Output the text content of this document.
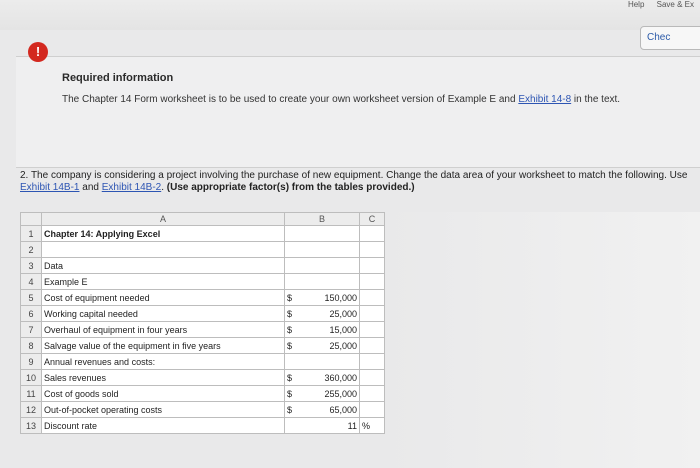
Help Save & Ex
Chec
!
Required information
The Chapter 14 Form worksheet is to be used to create your own worksheet version of Example E and Exhibit 14-8 in the text.
2. The company is considering a project involving the purchase of new equipment. Change the data area of your worksheet to match the following. Use Exhibit 14B-1 and Exhibit 14B-2. (Use appropriate factor(s) from the tables provided.)
	A	B	C
1	Chapter 14: Applying Excel	

2		

3	Data	

4	Example E	

5	Cost of equipment needed	$ 150,000	

6	Working capital needed	$ 25,000	

7	Overhaul of equipment in four years	$ 15,000	

8	Salvage value of the equipment in five years	$ 25,000	

9	Annual revenues and costs:	

10	Sales revenues	$ 360,000	

11	Cost of goods sold	$ 255,000	

12	Out-of-pocket operating costs	$ 65,000	

13	Discount rate	11	%
